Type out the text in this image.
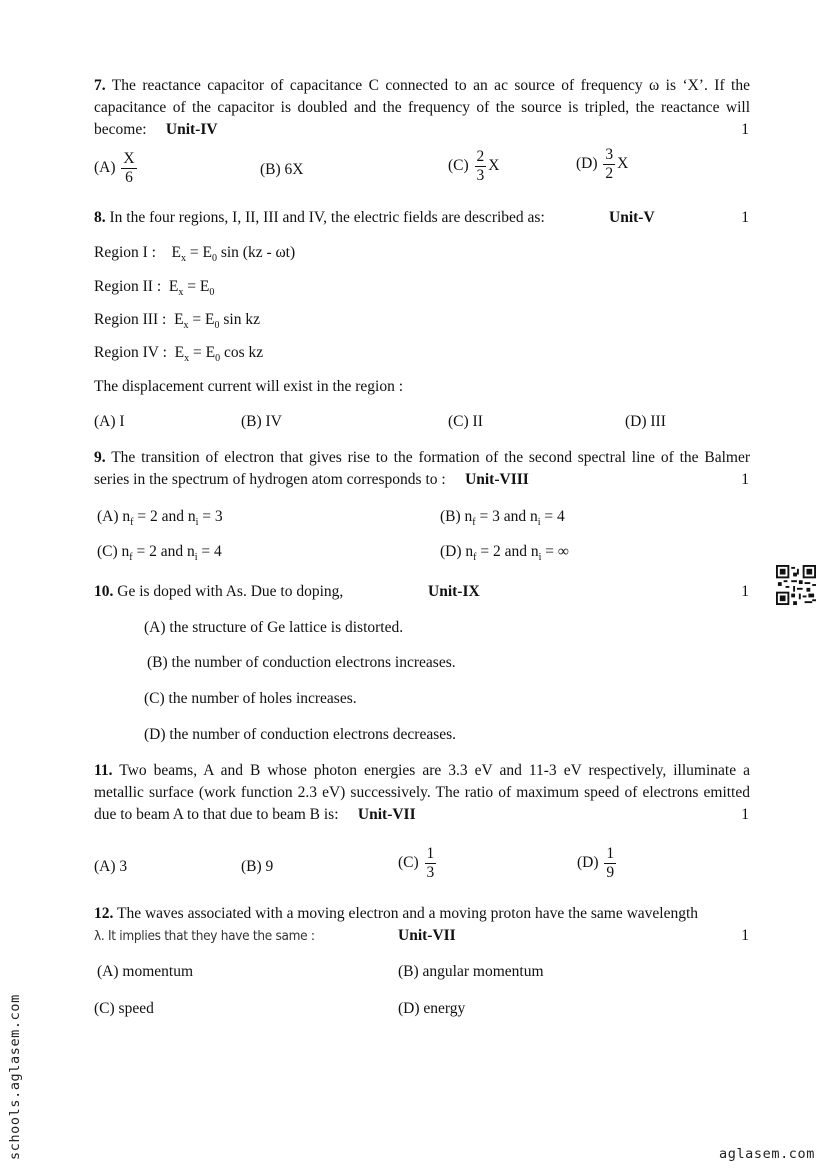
7. The reactance capacitor of capacitance C connected to an ac source of frequency ω is ‘X’. If the capacitance of the capacitor is doubled and the frequency of the source is tripled, the reactance will become: Unit-IV	1
$(A) \frac{X}{6}$	(B) 6X	$(C) \frac{2}{3}$ X	$(D) \frac{3}{2}$ X
8. In the four regions, I, II, III and IV, the electric fields are described as:	Unit-V	1
Region I : $E_x = E_0$ sin (kz - ωt)
Region II : $E_x = E_0$
Region III : $E_x = E_0$ sin kz
Region IV : $E_x = E_0$ cos kz
The displacement current will exist in the region :
(A) I	(B) IV	(C) II	(D) III
9. The transition of electron that gives rise to the formation of the second spectral line of the Balmer series in the spectrum of hydrogen atom corresponds to : Unit-VIII	1
(A) $n_f = 2$ and $n_i = 3$	(B) $n_f = 3$ and $n_i = 4$
(C) $n_f = 2$ and $n_i = 4$	(D) $n_f = 2$ and $n_i$ = ∞
10. Ge is doped with As. Due to doping,	Unit-IX	1
(A) the structure of Ge lattice is distorted.
(B) the number of conduction electrons increases.
(C) the number of holes increases.
(D) the number of conduction electrons decreases.
11. Two beams, A and B whose photon energies are 3.3 eV and 11-3 eV respectively, illuminate a metallic surface (work function 2.3 eV) successively. The ratio of maximum speed of electrons emitted due to beam A to that due to beam B is: Unit-VII	1
(A) 3	(B) 9	$(C) \frac{1}{3}$	$(D) \frac{1}{9}$
12. The waves associated with a moving electron and a moving proton have the same wavelength
λ. It implies that they have the same :	Unit-VII	1
(A) momentum	(B) angular momentum
(C) speed	(D) energy
schools.aglasem.com	aglasem.com
